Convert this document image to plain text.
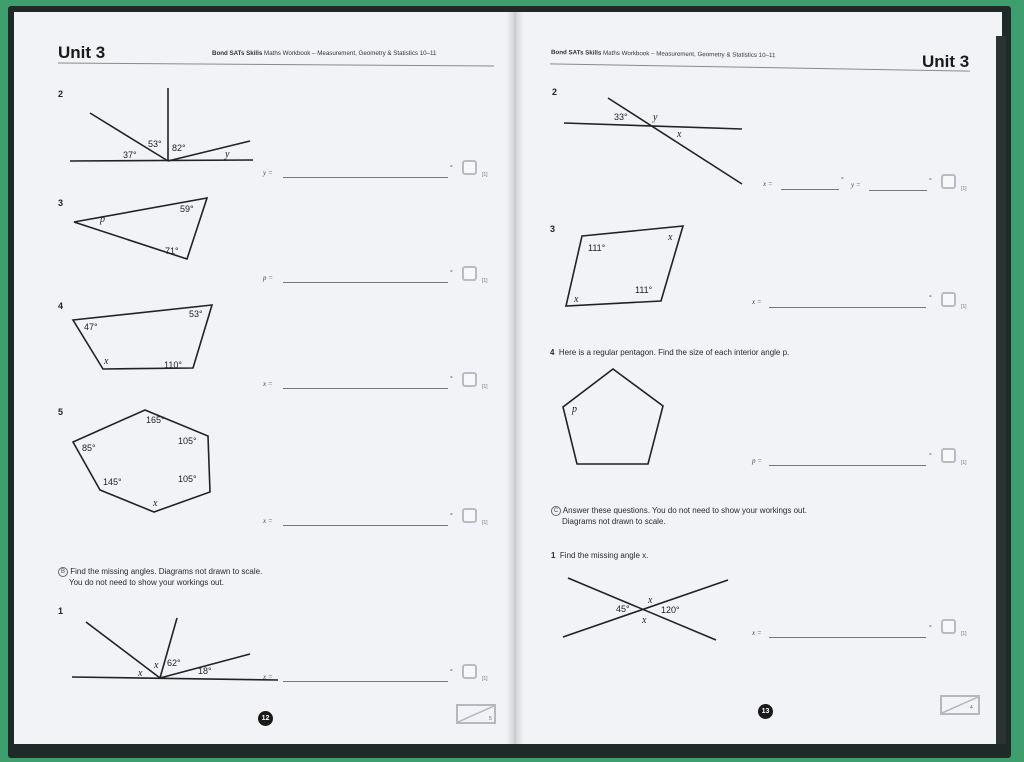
Unit 3	Bond SATs Skills Maths Workbook – Measurement, Geometry & Statistics 10–11	Bond SATs Skills Maths Workbook – Measurement, Geometry & Statistics 10–11	Unit 3
2
37°
53° 82°
y
y =
°
[1]
3
p
59°
71°
p =
°
[1]
4
47°
53°
x	110°
x =
°
[1]
5
165°
85°
105°
105°
145°
x
x =
°
[1]
B Find the missing angles. Diagrams not drawn to scale.
You do not need to show your workings out.
1
x
x 62°
18°
x =
°
[1]
12	5
2
33°	y
x
x =	°
y =	°
[1]
3
111°
x
111°
x	x =	°
[1]
4 Here is a regular pentagon. Find the size of each interior angle p.
p
p =
°
[1]
C Answer these questions. You do not need to show your workings out.
Diagrams not drawn to scale.
1 Find the missing angle x.
45°
x
120°
x
x =
°
[1]
13	4
